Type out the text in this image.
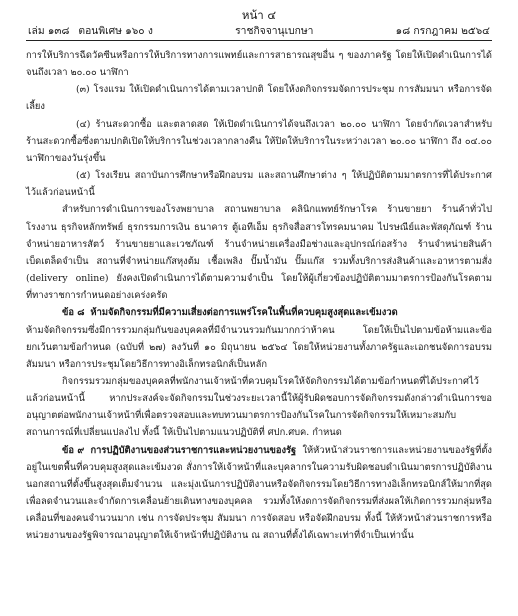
หน้า ๔
เล่ม ๑๓๘ ตอนพิเศษ ๑๖๐ ง	ราชกิจจานุเบกษา	๑๘ กรกฎาคม ๒๕๖๔

การให้บริการฉีดวัคซีนหรือการให้บริการทางการแพทย์และการสาธารณสุขอื่น ๆ ของภาครัฐ โดยให้เปิดดำเนินการได้จนถึงเวลา ๒๐.๐๐ นาฬิกา

(๓) โรงแรม ให้เปิดดำเนินการได้ตามเวลาปกติ โดยให้งดกิจกรรมจัดการประชุม การสัมมนา หรือการจัดเลี้ยง

(๔) ร้านสะดวกซื้อ และตลาดสด ให้เปิดดำเนินการได้จนถึงเวลา ๒๐.๐๐ นาฬิกา โดยจำกัดเวลาสำหรับร้านสะดวกซื้อซึ่งตามปกติเปิดให้บริการในช่วงเวลากลางคืน ให้ปิดให้บริการในระหว่างเวลา ๒๐.๐๐ นาฬิกา ถึง ๐๔.๐๐ นาฬิกาของวันรุ่งขึ้น

(๕) โรงเรียน สถาบันการศึกษาหรือฝึกอบรม และสถานศึกษาต่าง ๆ ให้ปฏิบัติตามมาตรการที่ได้ประกาศไว้แล้วก่อนหน้านี้

สำหรับการดำเนินการของโรงพยาบาล สถานพยาบาล คลินิกแพทย์รักษาโรค ร้านขายยา ร้านค้าทั่วไป โรงงาน ธุรกิจหลักทรัพย์ ธุรกรรมการเงิน ธนาคาร ตู้เอทีเอ็ม ธุรกิจสื่อสารโทรคมนาคม ไปรษณีย์และพัสดุภัณฑ์ ร้านจำหน่ายอาหารสัตว์ ร้านขายยาและเวชภัณฑ์ ร้านจำหน่ายเครื่องมือช่างและอุปกรณ์ก่อสร้าง ร้านจำหน่ายสินค้าเบ็ดเตล็ดจำเป็น สถานที่จำหน่ายแก๊สหุงต้ม เชื้อเพลิง ปั๊มน้ำมัน ปั๊มแก๊ส รวมทั้งบริการส่งสินค้าและอาหารตามสั่ง (delivery online) ยังคงเปิดดำเนินการได้ตามความจำเป็น โดยให้ผู้เกี่ยวข้องปฏิบัติตามมาตรการป้องกันโรคตามที่ทางราชการกำหนดอย่างเคร่งครัด

ข้อ ๘ ห้ามจัดกิจกรรมที่มีความเสี่ยงต่อการแพร่โรคในพื้นที่ควบคุมสูงสุดและเข้มงวด

ห้ามจัดกิจกรรมซึ่งมีการรวมกลุ่มกันของบุคคลที่มีจำนวนรวมกันมากกว่าห้าคน โดยให้เป็นไปตามข้อห้ามและข้อยกเว้นตามข้อกำหนด (ฉบับที่ ๒๗) ลงวันที่ ๑๐ มิถุนายน ๒๕๖๔ โดยให้หน่วยงานทั้งภาครัฐและเอกชนจัดการอบรม สัมมนา หรือการประชุมโดยวิธีการทางอิเล็กทรอนิกส์เป็นหลัก

กิจกรรมรวมกลุ่มของบุคคลที่พนักงานเจ้าหน้าที่ควบคุมโรคให้จัดกิจกรรมได้ตามข้อกำหนดที่ได้ประกาศไว้แล้วก่อนหน้านี้ หากประสงค์จะจัดกิจกรรมในช่วงระยะเวลานี้ให้ผู้รับผิดชอบการจัดกิจกรรมดังกล่าวดำเนินการขออนุญาตต่อพนักงานเจ้าหน้าที่เพื่อตรวจสอบและทบทวนมาตรการป้องกันโรคในการจัดกิจกรรมให้เหมาะสมกับสถานการณ์ที่เปลี่ยนแปลงไป ทั้งนี้ ให้เป็นไปตามแนวปฏิบัติที่ ศปก.ศบค. กำหนด

ข้อ ๙ การปฏิบัติงานของส่วนราชการและหน่วยงานของรัฐ ให้หัวหน้าส่วนราชการและหน่วยงานของรัฐที่ตั้งอยู่ในเขตพื้นที่ควบคุมสูงสุดและเข้มงวด สั่งการให้เจ้าหน้าที่และบุคลากรในความรับผิดชอบดำเนินมาตรการปฏิบัติงานนอกสถานที่ตั้งขึ้นสูงสุดเต็มจำนวน และมุ่งเน้นการปฏิบัติงานหรือจัดกิจกรรมโดยวิธีการทางอิเล็กทรอนิกส์ให้มากที่สุด เพื่อลดจำนวนและจำกัดการเคลื่อนย้ายเดินทางของบุคคล รวมทั้งให้งดการจัดกิจกรรมที่ส่งผลให้เกิดการรวมกลุ่มหรือเคลื่อนที่ของคนจำนวนมาก เช่น การจัดประชุม สัมมนา การจัดสอบ หรือจัดฝึกอบรม ทั้งนี้ ให้หัวหน้าส่วนราชการหรือหน่วยงานของรัฐพิจารณาอนุญาตให้เจ้าหน้าที่ปฏิบัติงาน ณ สถานที่ตั้งได้เฉพาะเท่าที่จำเป็นเท่านั้น
